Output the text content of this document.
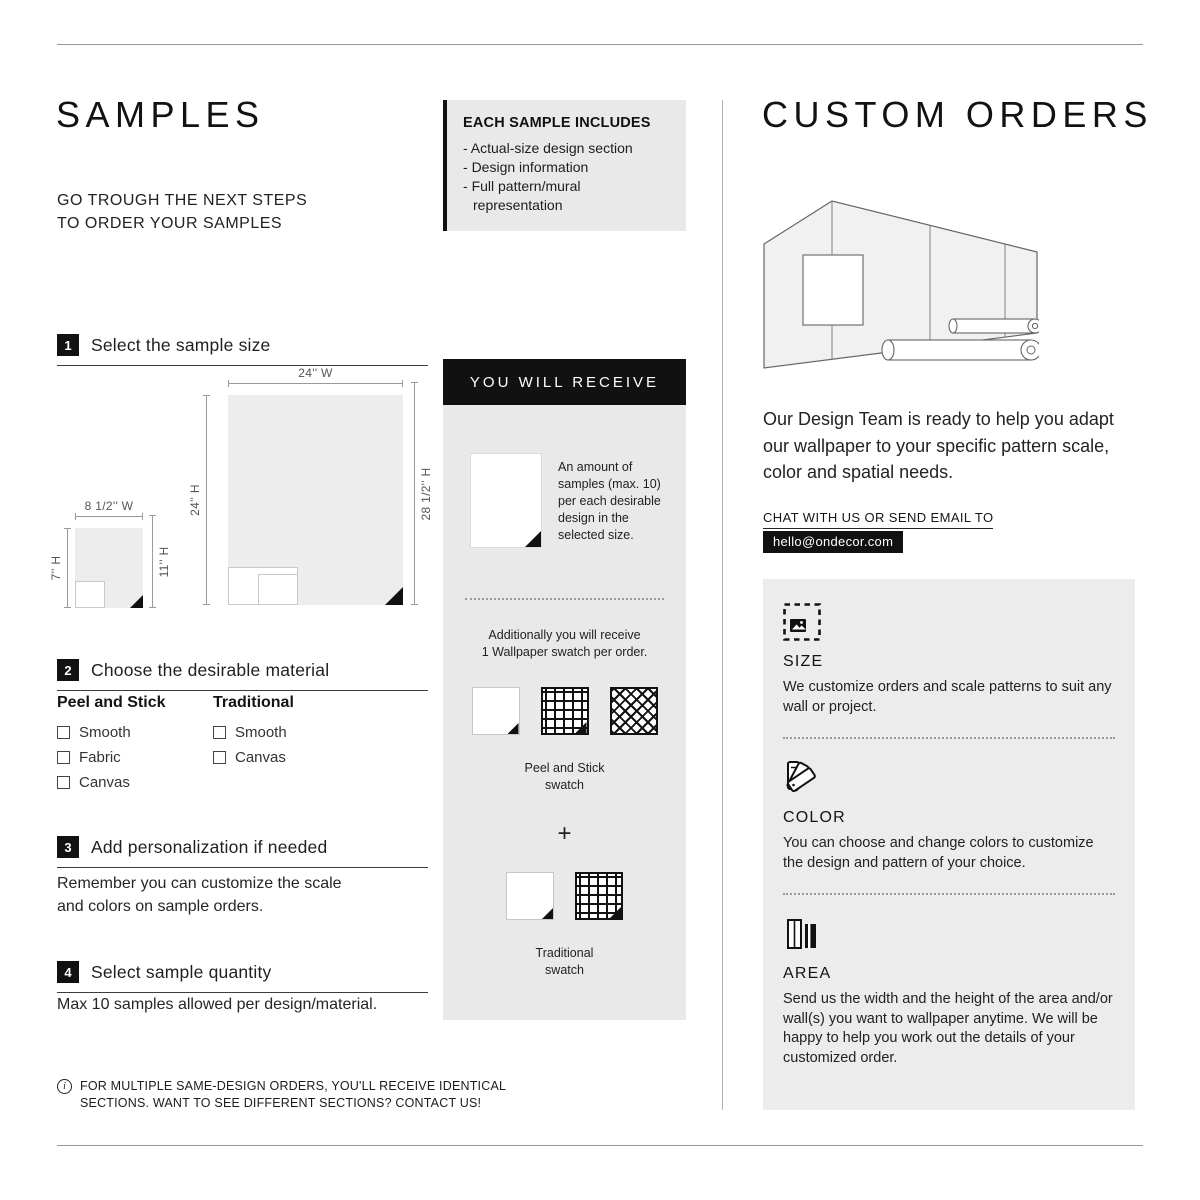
SAMPLES
GO TROUGH THE NEXT STEPS
TO ORDER YOUR SAMPLES
1	Select the sample size
24'' W
24'' H	28 1/2'' H
8 1/2'' W
7'' H	11'' H
2	Choose the desirable material
Peel and Stick
Smooth
Fabric
Canvas
Traditional
Smooth
Canvas
3	Add personalization if needed

Remember you can customize the scale and colors on sample orders.

4	Select sample quantity

Max 10 samples allowed per design/material.

i	FOR MULTIPLE SAME-DESIGN ORDERS, YOU'LL RECEIVE IDENTICAL
SECTIONS. WANT TO SEE DIFFERENT SECTIONS? CONTACT US!
EACH SAMPLE INCLUDES
- Actual-size design section
- Design information
- Full pattern/mural representation
YOU WILL RECEIVE
An amount of samples (max. 10) per each desirable design in the selected size.
Additionally you will receive
1 Wallpaper swatch per order.
Peel and Stick
swatch
+
Traditional
swatch
CUSTOM ORDERS

Our Design Team is ready to help you adapt our wallpaper to your specific pattern scale, color and spatial needs.

CHAT WITH US OR SEND EMAIL TO
hello@ondecor.com
SIZE
We customize orders and scale patterns to suit any wall or project.
COLOR
You can choose and change colors to customize the design and pattern of your choice.
AREA
Send us the width and the height of the area and/or wall(s) you want to wallpaper anytime. We will be happy to help you work out the details of your customized order.
